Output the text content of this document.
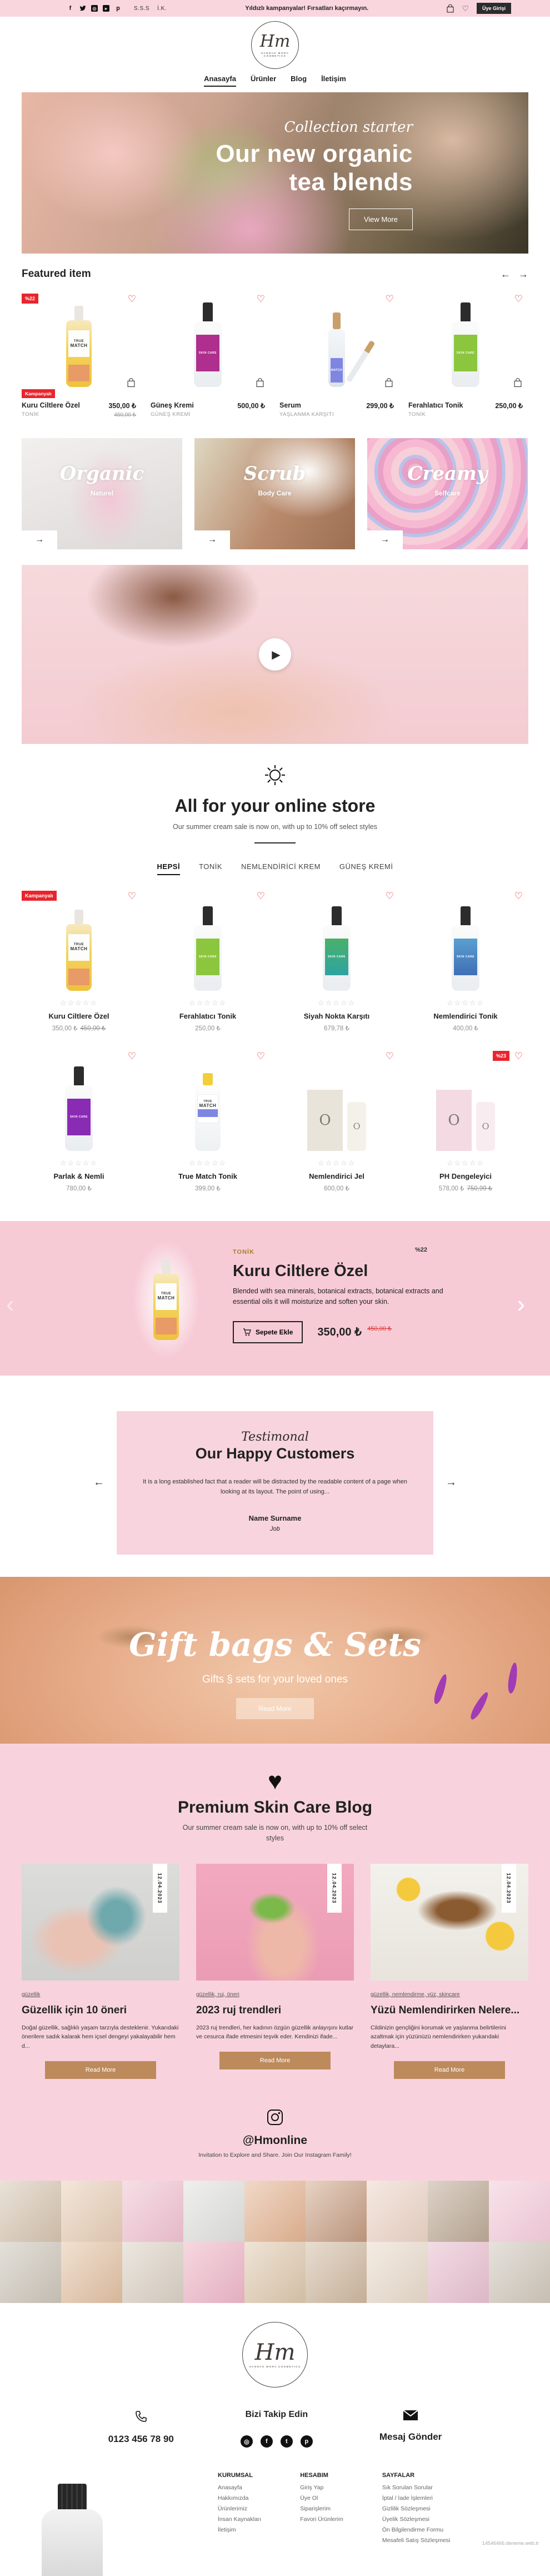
f	◎	▸	p	S.S.S İ.K.	Yıldızlı kampanyalar! Fırsatları kaçırmayın.	♡	Üye Girişi
Hm
HANNAH MORA COSMETICS
Anasayfa Ürünler Blog İletişim
Collection starter
Our new organic
tea blends
View More
Featured item	← →
%22	♡
TRUE
MATCH
Kampanyalı
Kuru Ciltlere Özel
TONİK
350,00 ₺
450,00 ₺
♡
SKIN CARE
Güneş Kremi
GÜNEŞ KREMİ
500,00 ₺
♡
MATCH
Serum
YAŞLANMA KARŞITI
299,00 ₺
♡
SKIN CARE
Ferahlatıcı Tonik
TONİK
250,00 ₺
Organic
Naturel
→
Scrub
Body Care
→
Creamy
Selfcare
→
▶
All for your online store
Our summer cream sale is now on, with up to 10% off select styles
HEPSİ	TONİK	NEMLENDİRİCİ KREM	GÜNEŞ KREMİ
Kampanyalı	♡
TRUE
MATCH
☆☆☆☆☆
Kuru Ciltlere Özel
350,00 ₺ 450,00 ₺
♡
SKIN CARE
☆☆☆☆☆
Ferahlatıcı Tonik
250,00 ₺
♡
SKIN CARE
☆☆☆☆☆
Siyah Nokta Karşıtı
679,78 ₺
♡
SKIN CARE
☆☆☆☆☆
Nemlendirici Tonik
400,00 ₺
♡
SKIN CARE
☆☆☆☆☆
Parlak & Nemli
780,00 ₺
♡
TRUE
MATCH
☆☆☆☆☆
True Match Tonik
399,00 ₺
♡
O	O
☆☆☆☆☆
Nemlendirici Jel
600,00 ₺
%23 ♡
O	O
☆☆☆☆☆
PH Dengeleyici
578,00 ₺ 750,99 ₺
TRUE
MATCH
TONİK	%22
Kuru Ciltlere Özel
Blended with sea minerals, botanical extracts, botanical extracts and essential oils it will moisturize and soften your skin.
Sepete Ekle 350,00 ₺ $^{450,00 ₺}$
‹	›
←	→
Testimonal
Our Happy Customers
It is a long established fact that a reader will be distracted by the readable content of a page when looking at its layout. The point of using...
Name Surname
Job
Gift bags & Sets
Gifts § sets for your loved ones
Read More
♥
Premium Skin Care Blog
Our summer cream sale is now on, with up to 10% off select styles
12.04.2023
güzellik
Güzellik için 10 öneri
Doğal güzellik, sağlıklı yaşam tarzıyla desteklenir. Yukarıdaki önerilere sadık kalarak hem içsel dengeyi yakalayabilir hem d...
Read More
12.04.2023
güzellik, ruj, öneri
2023 ruj trendleri
2023 ruj trendleri, her kadının özgün güzellik anlayışını kutlar ve cesurca ifade etmesini teşvik eder. Kendinizi ifade...
Read More
12.04.2023
güzellik, nemlendirme, yüz, skincare
Yüzü Nemlendirirken Nelere...
Cildinizin gençliğini korumak ve yaşlanma belirtilerini azaltmak için yüzünüzü nemlendirirken yukarıdaki detaylara...
Read More
@Hmonline
Invitation to Explore and Share. Join Our Instagram Family!
Hm
HANNAH MORA COSMETICS
0123 456 78 90
Bizi Takip Edin
◎	f	t	p	Mesaj Gönder
KURUMSAL
Anasayfa
Hakkımızda
Ürünlerimiz
İnsan Kaynakları
İletişim
HESABIM
Giriş Yap
Üye Ol
Siparişlerim
Favori Ürünlerim
SAYFALAR
Sık Sorulan Sorular
İptal / İade İşlemleri
Gizlilik Sözleşmesi
Üyelik Sözleşmesi
Ön Bilgilendirme Formu
Mesafeli Satış Sözleşmesi	14546466.deneme.web.tr
